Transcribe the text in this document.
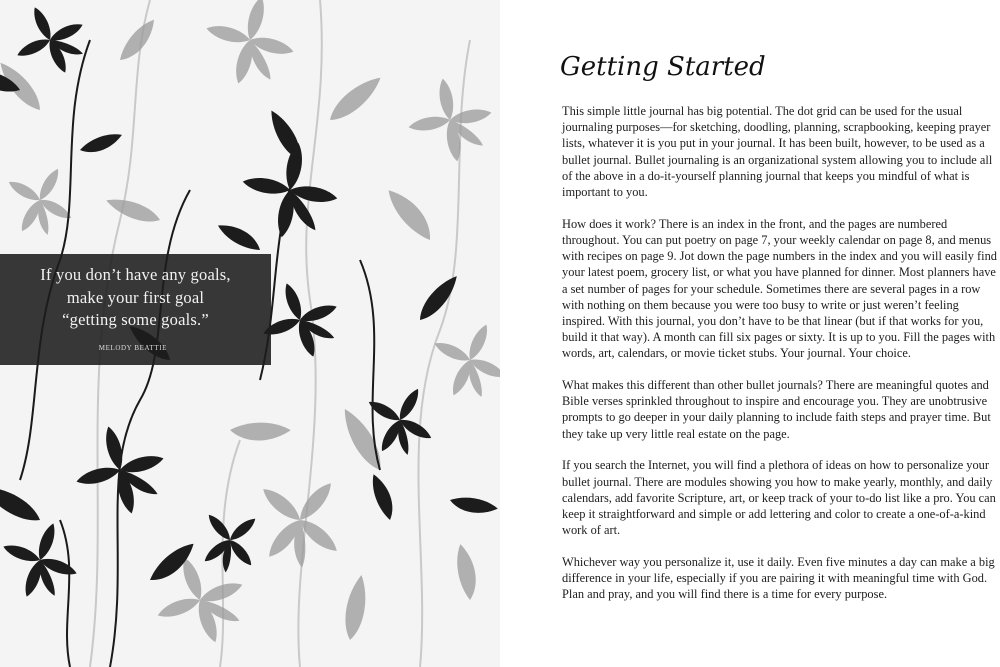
If you don’t have any goals,
make your first goal
“getting some goals.”
MELODY BEATTIE
Getting Started

This simple little journal has big potential. The dot grid can be used for the usual journaling purposes—for sketching, doodling, planning, scrapbooking, keeping prayer lists, whatever it is you put in your journal. It has been built, however, to be used as a bullet journal. Bullet journaling is an organizational system allowing you to include all of the above in a do-it-yourself planning journal that keeps you mindful of what is important to you.

How does it work? There is an index in the front, and the pages are numbered throughout. You can put poetry on page 7, your weekly calendar on page 8, and menus with recipes on page 9. Jot down the page numbers in the index and you will easily find your latest poem, grocery list, or what you have planned for dinner. Most planners have a set number of pages for your schedule. Sometimes there are several pages in a row with nothing on them because you were too busy to write or just weren’t feeling inspired. With this journal, you don’t have to be that linear (but if that works for you, build it that way). A month can fill six pages or sixty. It is up to you. Fill the pages with words, art, calendars, or movie ticket stubs. Your journal. Your choice.

What makes this different than other bullet journals? There are meaningful quotes and Bible verses sprinkled throughout to inspire and encourage you. They are unobtrusive prompts to go deeper in your daily planning to include faith steps and prayer time. But they take up very little real estate on the page.

If you search the Internet, you will find a plethora of ideas on how to personalize your bullet journal. There are modules showing you how to make yearly, monthly, and daily calendars, add favorite Scripture, art, or keep track of your to-do list like a pro. You can keep it straightforward and simple or add lettering and color to create a one-of-a-kind work of art.

Whichever way you personalize it, use it daily. Even five minutes a day can make a big difference in your life, especially if you are pairing it with meaningful time with God. Plan and pray, and you will find there is a time for every purpose.
